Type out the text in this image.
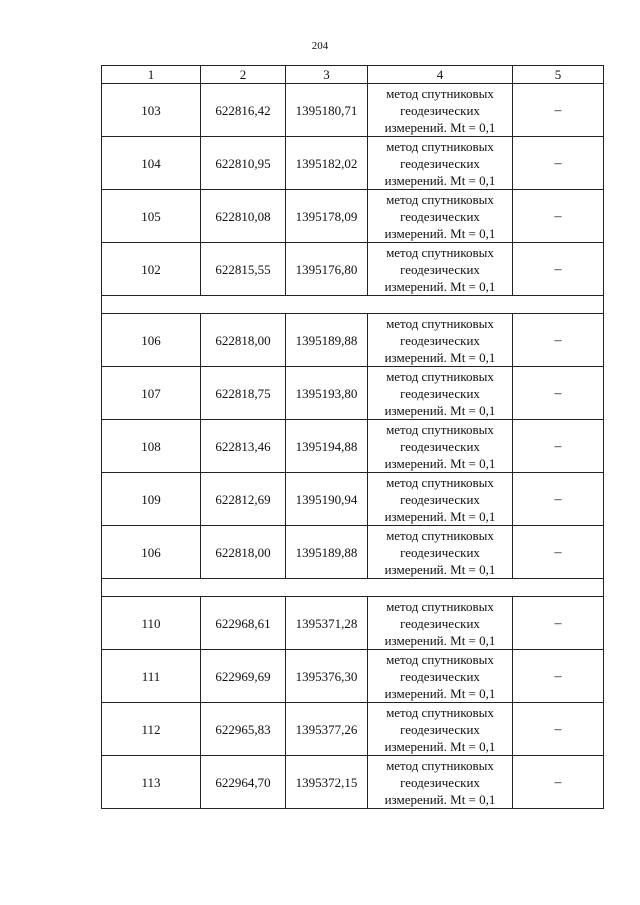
204
1	2	3	4	5
103	622816,42	1395180,71	метод спутниковых
геодезических
измерений. Mt = 0,1	–
104	622810,95	1395182,02	метод спутниковых
геодезических
измерений. Mt = 0,1	–
105	622810,08	1395178,09	метод спутниковых
геодезических
измерений. Mt = 0,1	–
102	622815,55	1395176,80	метод спутниковых
геодезических
измерений. Mt = 0,1	–

106	622818,00	1395189,88	метод спутниковых
геодезических
измерений. Mt = 0,1	–
107	622818,75	1395193,80	метод спутниковых
геодезических
измерений. Mt = 0,1	–
108	622813,46	1395194,88	метод спутниковых
геодезических
измерений. Mt = 0,1	–
109	622812,69	1395190,94	метод спутниковых
геодезических
измерений. Mt = 0,1	–
106	622818,00	1395189,88	метод спутниковых
геодезических
измерений. Mt = 0,1	–

110	622968,61	1395371,28	метод спутниковых
геодезических
измерений. Mt = 0,1	–
111	622969,69	1395376,30	метод спутниковых
геодезических
измерений. Mt = 0,1	–
112	622965,83	1395377,26	метод спутниковых
геодезических
измерений. Mt = 0,1	–
113	622964,70	1395372,15	метод спутниковых
геодезических
измерений. Mt = 0,1	–
